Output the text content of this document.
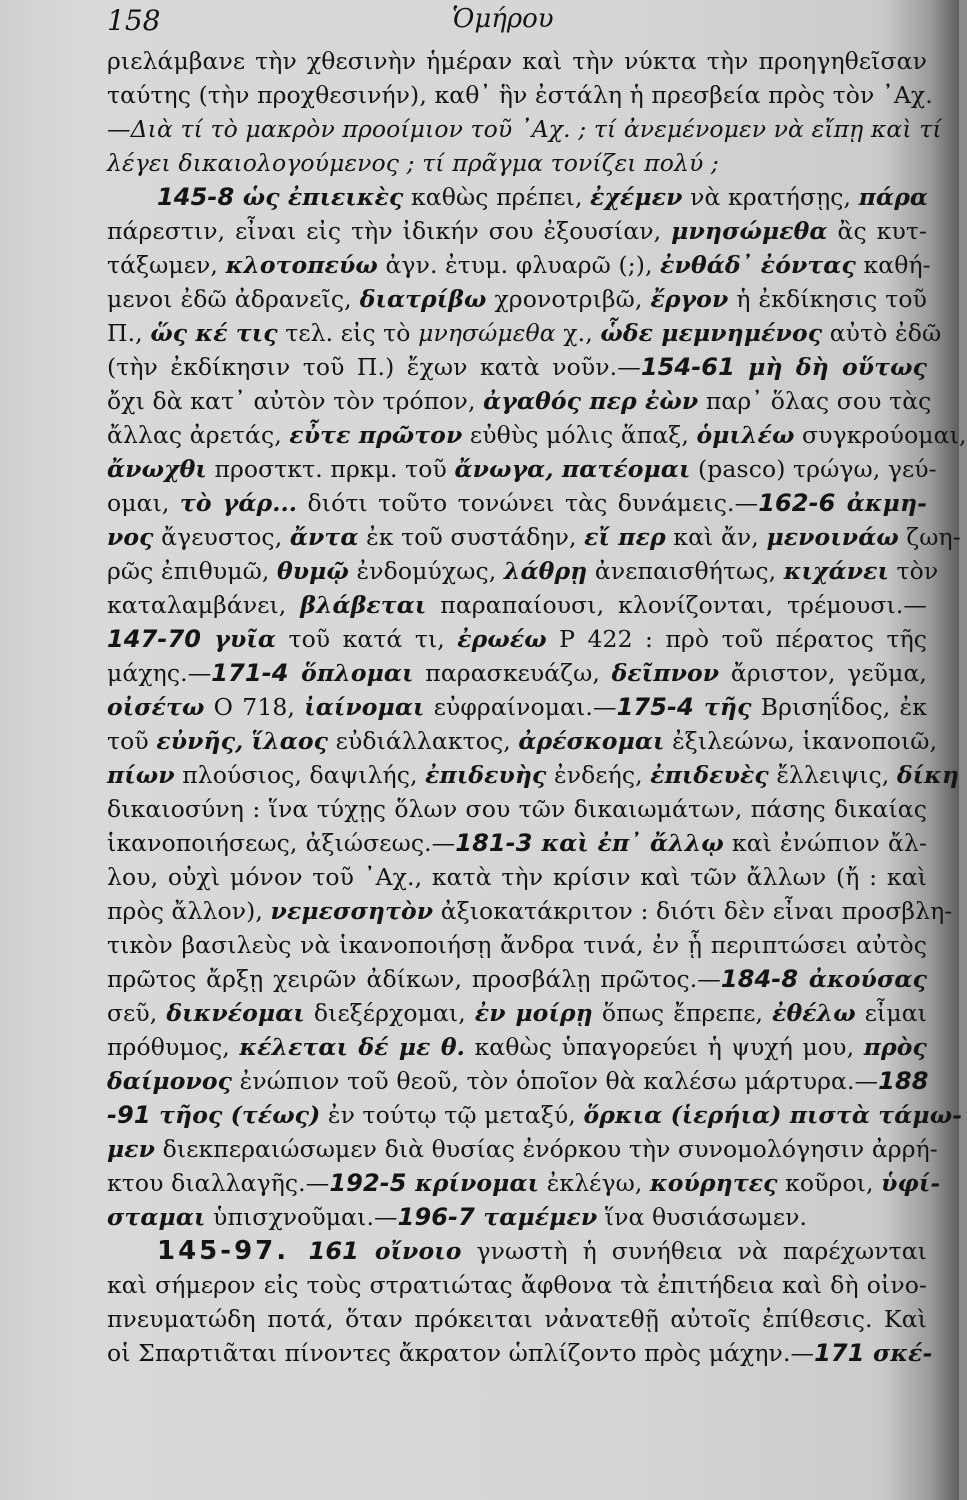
158	Ὁμήρου
ριελάμβανε τὴν χθεσινὴν ἡμέραν καὶ τὴν νύκτα τὴν προηγηθεῖσαν
ταύτης (τὴν προχθεσινήν), καθ᾽ ἣν ἐστάλη ἡ πρεσβεία πρὸς τὸν ᾿Αχ.
—Διὰ τί τὸ μακρὸν προοίμιον τοῦ ᾿Αχ. ; τί ἀνεμένομεν νὰ εἴπῃ καὶ τί
λέγει δικαιολογούμενος ; τί πρᾶγμα τονίζει πολύ ;
145-8 ὡς ἐπιεικὲς καθὼς πρέπει, ἐχέμεν νὰ κρατήσῃς, πάρα
πάρεστιν, εἶναι εἰς τὴν ἰδικήν σου ἐξουσίαν, μνησώμεθα ἂς κυτ-
τάξωμεν, κλοτοπεύω ἀγν. ἐτυμ. φλυαρῶ (;), ἐνθάδ᾽ ἐόντας καθή-
μενοι ἐδῶ ἀδρανεῖς, διατρίβω χρονοτριβῶ, ἔργον ἡ ἐκδίκησις τοῦ
Π., ὥς κέ τις τελ. εἰς τὸ μνησώμεθα χ., ὧδε μεμνημένος αὐτὸ ἐδῶ
(τὴν ἐκδίκησιν τοῦ Π.) ἔχων κατὰ νοῦν.—154-61 μὴ δὴ οὕτως
ὄχι δὰ κατ᾽ αὐτὸν τὸν τρόπον, ἀγαθός περ ἐὼν παρ᾽ ὅλας σου τὰς
ἄλλας ἀρετάς, εὖτε πρῶτον εὐθὺς μόλις ἅπαξ, ὁμιλέω συγκρούομαι,
ἄνωχθι προστκτ. πρκμ. τοῦ ἄνωγα, πατέομαι (pasco) τρώγω, γεύ-
ομαι, τὸ γάρ... διότι τοῦτο τονώνει τὰς δυνάμεις.—162-6 ἀκμη-
νος ἄγευστος, ἄντα ἐκ τοῦ συστάδην, εἴ περ καὶ ἄν, μενοινάω ζωη-
ρῶς ἐπιθυμῶ, θυμῷ ἐνδομύχως, λάθρῃ ἀνεπαισθήτως, κιχάνει τὸν
καταλαμβάνει, βλάβεται παραπαίουσι, κλονίζονται, τρέμουσι.—
147-70 γυῖα τοῦ κατά τι, ἐρωέω Ρ 422 : πρὸ τοῦ πέρατος τῆς
μάχης.—171-4 ὅπλομαι παρασκευάζω, δεῖπνον ἄριστον, γεῦμα,
οἰσέτω Ο 718, ἰαίνομαι εὐφραίνομαι.—175-4 τῆς Βρισηΐδος, ἐκ
τοῦ εὐνῆς, ἵλαος εὐδιάλλακτος, ἀρέσκομαι ἐξιλεώνω, ἱκανοποιῶ,
πίων πλούσιος, δαψιλής, ἐπιδευὴς ἐνδεής, ἐπιδευὲς ἔλλειψις, δίκη
δικαιοσύνη : ἵνα τύχῃς ὅλων σου τῶν δικαιωμάτων, πάσης δικαίας
ἱκανοποιήσεως, ἀξιώσεως.—181-3 καὶ ἐπ᾽ ἄλλῳ καὶ ἐνώπιον ἄλ-
λου, οὐχὶ μόνον τοῦ ᾿Αχ., κατὰ τὴν κρίσιν καὶ τῶν ἄλλων (ἤ : καὶ
πρὸς ἄλλον), νεμεσσητὸν ἀξιοκατάκριτον : διότι δὲν εἶναι προσβλη-
τικὸν βασιλεὺς νὰ ἱκανοποιήσῃ ἄνδρα τινά, ἐν ᾗ περιπτώσει αὐτὸς
πρῶτος ἄρξῃ χειρῶν ἀδίκων, προσβάλῃ πρῶτος.—184-8 ἀκούσας
σεῦ, δικνέομαι διεξέρχομαι, ἐν μοίρῃ ὅπως ἔπρεπε, ἐθέλω εἶμαι
πρόθυμος, κέλεται δέ με θ. καθὼς ὑπαγορεύει ἡ ψυχή μου, πρὸς
δαίμονος ἐνώπιον τοῦ θεοῦ, τὸν ὁποῖον θὰ καλέσω μάρτυρα.—188
-91 τῆος (τέως) ἐν τούτῳ τῷ μεταξύ, ὅρκια (ἱερήια) πιστὰ τάμω-
μεν διεκπεραιώσωμεν διὰ θυσίας ἐνόρκου τὴν συνομολόγησιν ἀρρή-
κτου διαλλαγῆς.—192-5 κρίνομαι ἐκλέγω, κούρητες κοῦροι, ὑφί-
σταμαι ὑπισχνοῦμαι.—196-7 ταμέμεν ἵνα θυσιάσωμεν.
145-97. 161 οἴνοιο γνωστὴ ἡ συνήθεια νὰ παρέχωνται
καὶ σήμερον εἰς τοὺς στρατιώτας ἄφθονα τὰ ἐπιτήδεια καὶ δὴ οἰνο-
πνευματώδη ποτά, ὅταν πρόκειται νἀνατεθῇ αὐτοῖς ἐπίθεσις. Καὶ
οἱ Σπαρτιᾶται πίνοντες ἄκρατον ὡπλίζοντο πρὸς μάχην.—171 σκέ-
